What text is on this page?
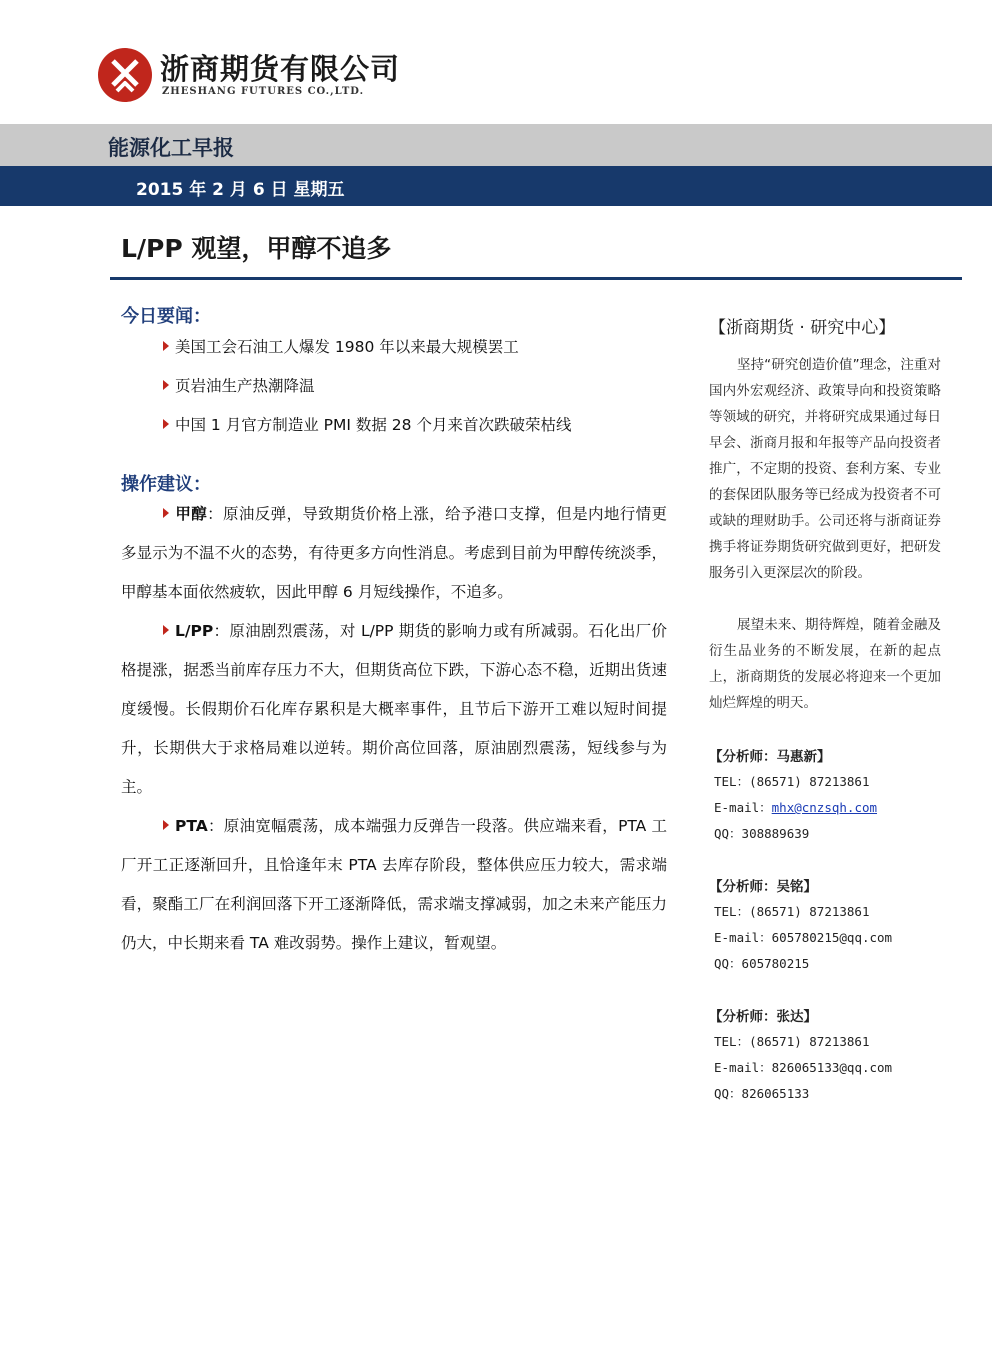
浙商期货有限公司
ZHESHANG FUTURES CO.,LTD.
能源化工早报
2015 年 2 月 6 日 星期五
L/PP 观望，甲醇不追多
今日要闻：
美国工会石油工人爆发 1980 年以来最大规模罢工
页岩油生产热潮降温
中国 1 月官方制造业 PMI 数据 28 个月来首次跌破荣枯线
操作建议：

甲醇：原油反弹，导致期货价格上涨，给予港口支撑，但是内地行情更多显示为不温不火的态势，有待更多方向性消息。考虑到目前为甲醇传统淡季，甲醇基本面依然疲软，因此甲醇 6 月短线操作，不追多。

L/PP：原油剧烈震荡，对 L/PP 期货的影响力或有所减弱。石化出厂价格提涨，据悉当前库存压力不大，但期货高位下跌，下游心态不稳，近期出货速度缓慢。长假期价石化库存累积是大概率事件，且节后下游开工难以短时间提升，长期供大于求格局难以逆转。期价高位回落，原油剧烈震荡，短线参与为主。

PTA：原油宽幅震荡，成本端强力反弹告一段落。供应端来看，PTA 工厂开工正逐渐回升，且恰逢年末 PTA 去库存阶段，整体供应压力较大，需求端看，聚酯工厂在利润回落下开工逐渐降低，需求端支撑减弱，加之未来产能压力仍大，中长期来看 TA 难改弱势。操作上建议，暂观望。

【浙商期货 · 研究中心】

坚持“研究创造价值”理念，注重对国内外宏观经济、政策导向和投资策略等领域的研究，并将研究成果通过每日早会、浙商月报和年报等产品向投资者推广，不定期的投资、套利方案、专业的套保团队服务等已经成为投资者不可或缺的理财助手。公司还将与浙商证券携手将证券期货研究做到更好，把研发服务引入更深层次的阶段。

展望未来、期待辉煌，随着金融及衍生品业务的不断发展，在新的起点上，浙商期货的发展必将迎来一个更加灿烂辉煌的明天。

【分析师：马惠新】
TEL：(86571) 87213861
E-mail：mhx@cnzsqh.com
QQ：308889639
【分析师：吴铭】
TEL：(86571) 87213861
E-mail：605780215@qq.com
QQ：605780215
【分析师：张达】
TEL：(86571) 87213861
E-mail：826065133@qq.com
QQ：826065133
